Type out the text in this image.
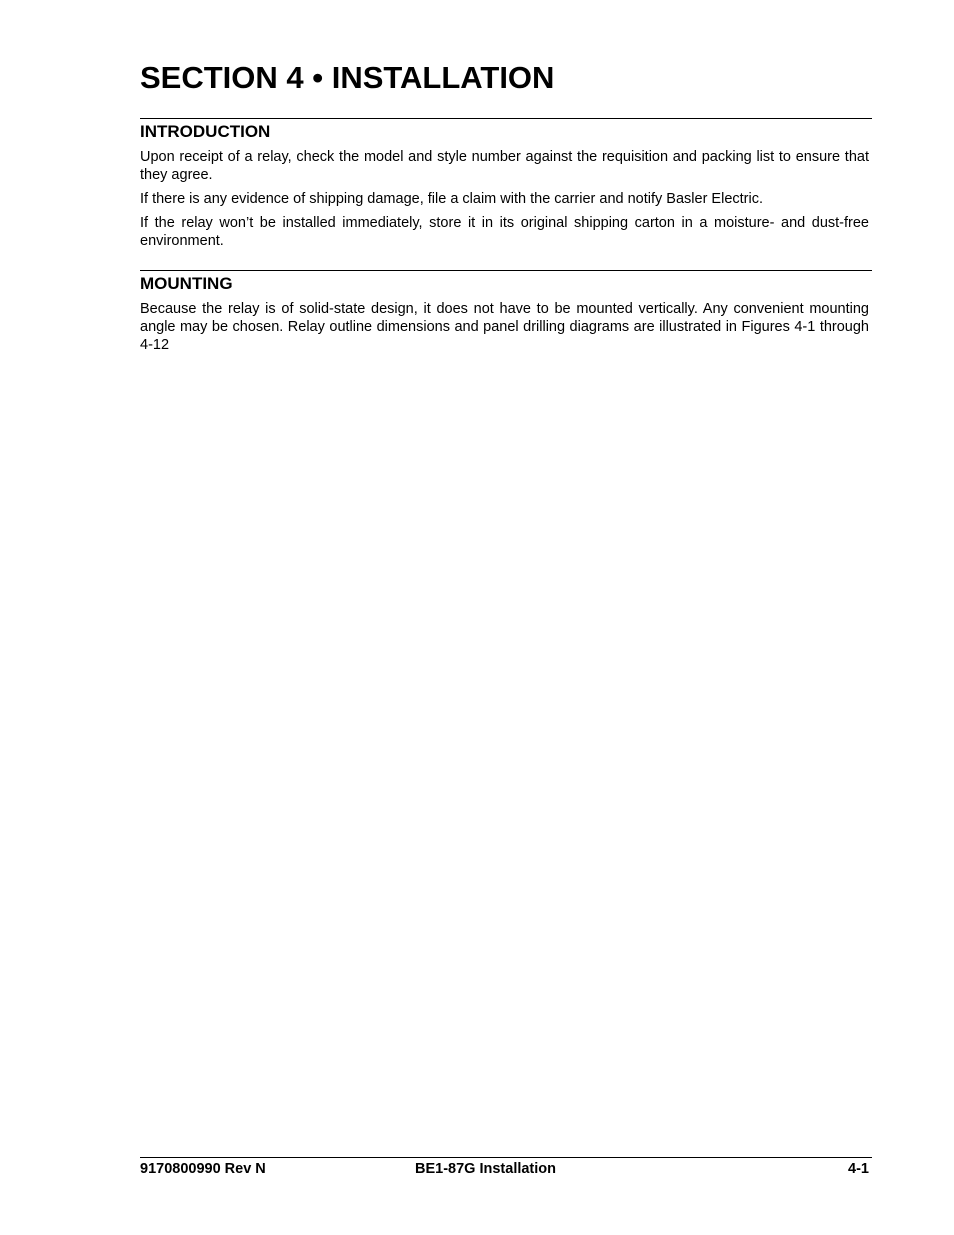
SECTION 4 • INSTALLATION
INTRODUCTION

Upon receipt of a relay, check the model and style number against the requisition and packing list to ensure that they agree.

If there is any evidence of shipping damage, file a claim with the carrier and notify Basler Electric.

If the relay won’t be installed immediately, store it in its original shipping carton in a moisture- and dust-free environment.

MOUNTING

Because the relay is of solid-state design, it does not have to be mounted vertically. Any convenient mounting angle may be chosen. Relay outline dimensions and panel drilling diagrams are illustrated in Figures 4-1 through 4-12

9170800990 Rev N	BE1-87G Installation	4-1
